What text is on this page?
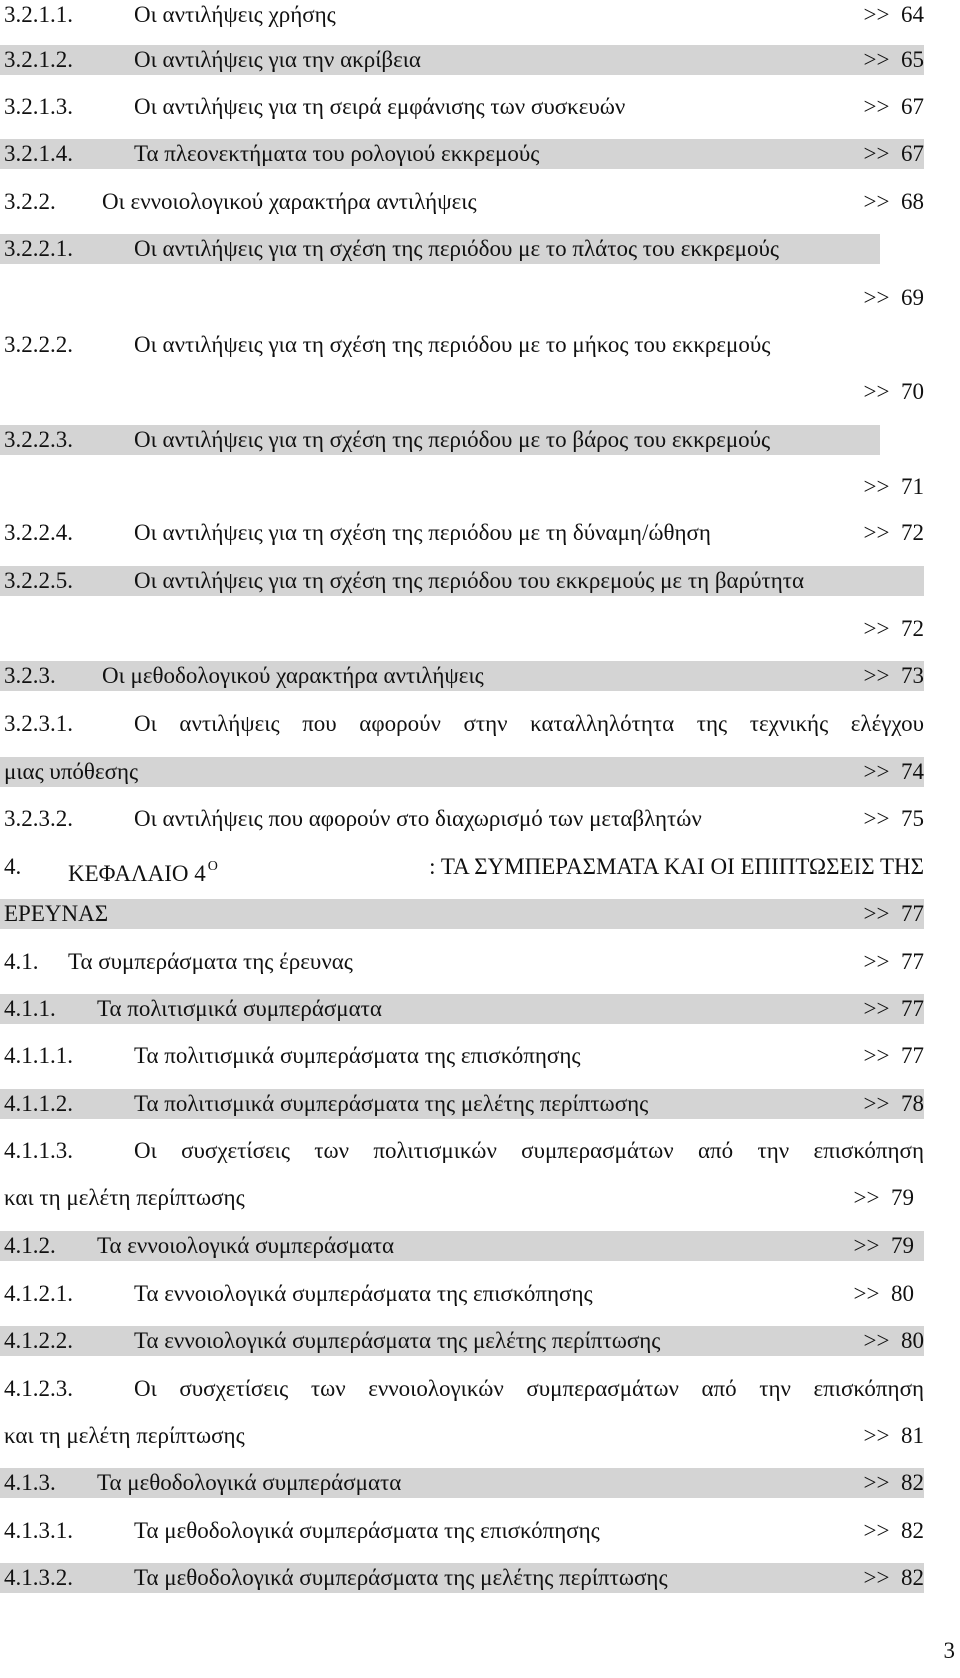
3.2.1.1.	Οι αντιλήψεις χρήσης	>>  64
3.2.1.2.	Οι αντιλήψεις για την ακρίβεια	>>  65
3.2.1.3.	Οι αντιλήψεις για τη σειρά εμφάνισης των συσκευών	>>  67
3.2.1.4.	Τα πλεονεκτήματα του ρολογιού εκκρεμούς	>>  67
3.2.2. Οι εννοιολογικού χαρακτήρα αντιλήψεις	>>  68
3.2.2.1.	Οι αντιλήψεις για τη σχέση της περιόδου με το πλάτος του εκκρεμούς
>>  69
3.2.2.2.	Οι αντιλήψεις για τη σχέση της περιόδου με το μήκος του εκκρεμούς
>>  70
3.2.2.3.	Οι αντιλήψεις για τη σχέση της περιόδου με το βάρος του εκκρεμούς
>>  71
3.2.2.4.	Οι αντιλήψεις για τη σχέση της περιόδου με τη δύναμη/ώθηση	>>  72
3.2.2.5.	Οι αντιλήψεις για τη σχέση της περιόδου του εκκρεμούς με τη βαρύτητα
>>  72
3.2.3. Οι μεθοδολογικού χαρακτήρα αντιλήψεις	>>  73
3.2.3.1.	Οι αντιλήψεις που αφορούν στην καταλληλότητα της τεχνικής ελέγχου
μιας υπόθεσης	>>  74
3.2.3.2.	Οι αντιλήψεις που αφορούν στο διαχωρισμό των μεταβλητών	>>  75
4. ΚΕΦΑΛΑΙΟ 4 $^O$	: ΤΑ ΣΥΜΠΕΡΑΣΜΑΤΑ ΚΑΙ ΟΙ ΕΠΙΠΤΩΣΕΙΣ ΤΗΣ
ΕΡΕΥΝΑΣ	>>  77
4.1. Τα συμπεράσματα της έρευνας	>>  77
4.1.1. Τα πολιτισμικά συμπεράσματα	>>  77
4.1.1.1.	Τα πολιτισμικά συμπεράσματα της επισκόπησης	>>  77
4.1.1.2.	Τα πολιτισμικά συμπεράσματα της μελέτης περίπτωσης	>>  78
4.1.1.3.	Οι συσχετίσεις των πολιτισμικών συμπερασμάτων από την επισκόπηση
και τη μελέτη περίπτωσης	>>  79
4.1.2. Τα εννοιολογικά συμπεράσματα	>>  79
4.1.2.1.	Τα εννοιολογικά συμπεράσματα της επισκόπησης	>>  80
4.1.2.2.	Τα εννοιολογικά συμπεράσματα της μελέτης περίπτωσης	>>  80
4.1.2.3.	Οι συσχετίσεις των εννοιολογικών συμπερασμάτων από την επισκόπηση
και τη μελέτη περίπτωσης	>>  81
4.1.3. Τα μεθοδολογικά συμπεράσματα	>>  82
4.1.3.1.	Τα μεθοδολογικά συμπεράσματα της επισκόπησης	>>  82
4.1.3.2.	Τα μεθοδολογικά συμπεράσματα της μελέτης περίπτωσης	>>  82
3
